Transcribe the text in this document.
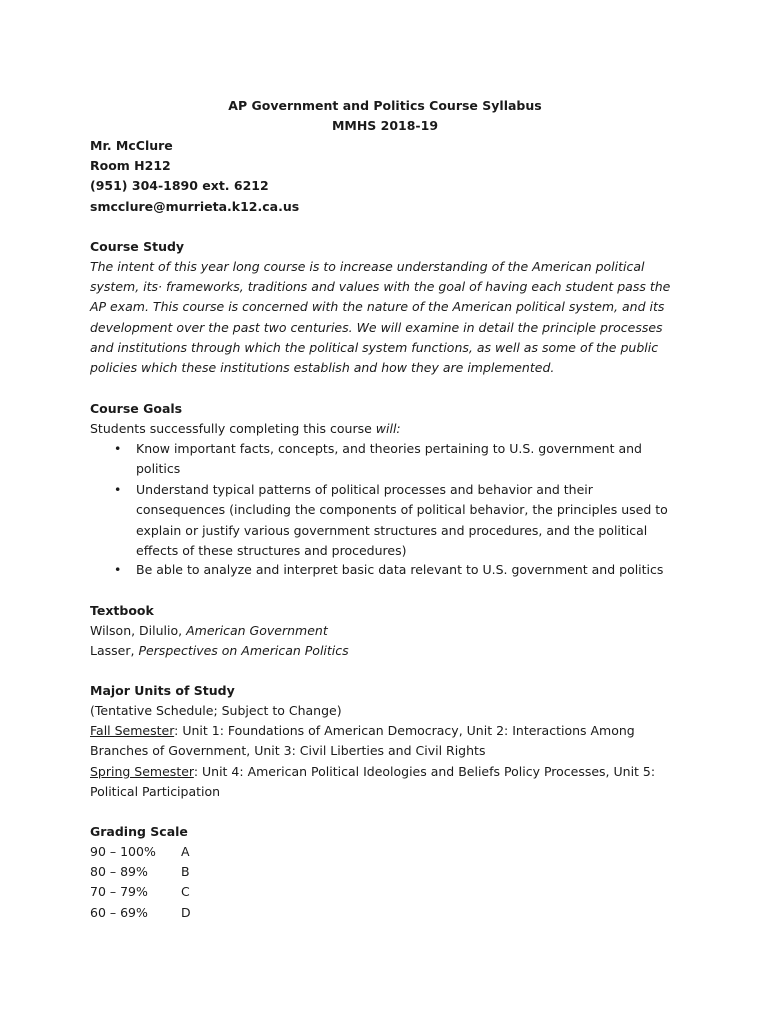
AP Government and Politics Course Syllabus
MMHS 2018-19
Mr. McClure
Room H212
(951) 304-1890 ext. 6212
smcclure@murrieta.k12.ca.us
Course Study
The intent of this year long course is to increase understanding of the American political system, its· frameworks, traditions and values with the goal of having each student pass the AP exam. This course is concerned with the nature of the American political system, and its development over the past two centuries. We will examine in detail the principle processes and institutions through which the political system functions, as well as some of the public policies which these institutions establish and how they are implemented.
Course Goals
Students successfully completing this course will:
• Know important facts, concepts, and theories pertaining to U.S. government and politics
• Understand typical patterns of political processes and behavior and their consequences (including the components of political behavior, the principles used to explain or justify various government structures and procedures, and the political effects of these structures and procedures)
• Be able to analyze and interpret basic data relevant to U.S. government and politics
Textbook
Wilson, Dilulio, American Government
Lasser, Perspectives on American Politics
Major Units of Study
(Tentative Schedule; Subject to Change)
Fall Semester: Unit 1: Foundations of American Democracy, Unit 2: Interactions Among Branches of Government, Unit 3: Civil Liberties and Civil Rights
Spring Semester: Unit 4: American Political Ideologies and Beliefs Policy Processes, Unit 5: Political Participation
Grading Scale
90 – 100% A
80 – 89%	B
70 – 79%	C
60 – 69%	D
